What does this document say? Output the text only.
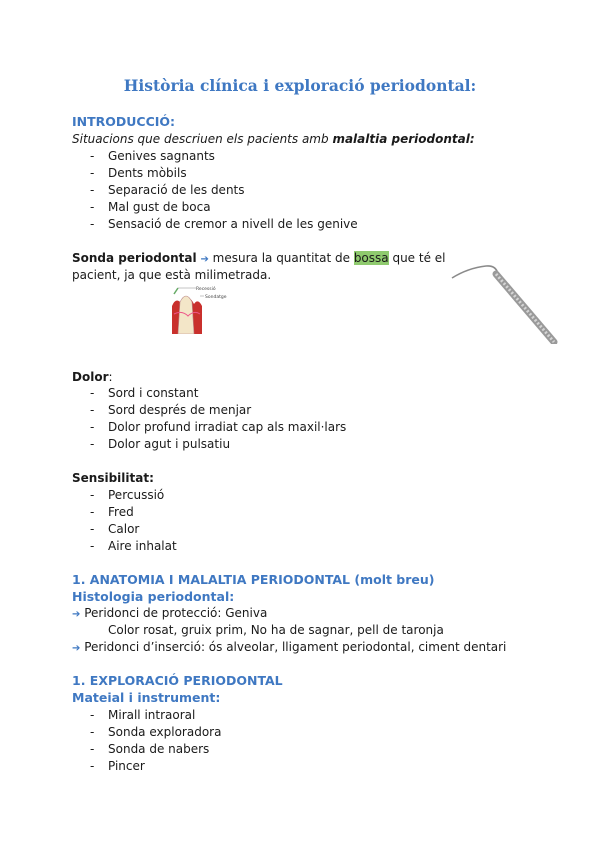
Història clínica i exploració periodontal:
INTRODUCCIÓ:
Situacions que descriuen els pacients amb malaltia periodontal:
- Genives sagnants
- Dents mòbils
- Separació de les dents
- Mal gust de boca
- Sensació de cremor a nivell de les genive
Sonda periodontal ➔ mesura la quantitat de bossa que té el
pacient, ja que està milimetrada.
Recessió
Sondatge
Dolor:
- Sord i constant
- Sord després de menjar
- Dolor profund irradiat cap als maxil·lars
- Dolor agut i pulsatiu
Sensibilitat:
- Percussió
- Fred
- Calor
- Aire inhalat
1. ANATOMIA I MALALTIA PERIODONTAL (molt breu)
Histologia periodontal:
➔ Peridonci de protecció: Geniva
Color rosat, gruix prim, No ha de sagnar, pell de taronja
➔ Peridonci d’inserció: ós alveolar, lligament periodontal, ciment dentari
1. EXPLORACIÓ PERIODONTAL
Mateial i instrument:
- Mirall intraoral
- Sonda exploradora
- Sonda de nabers
- Pincer
